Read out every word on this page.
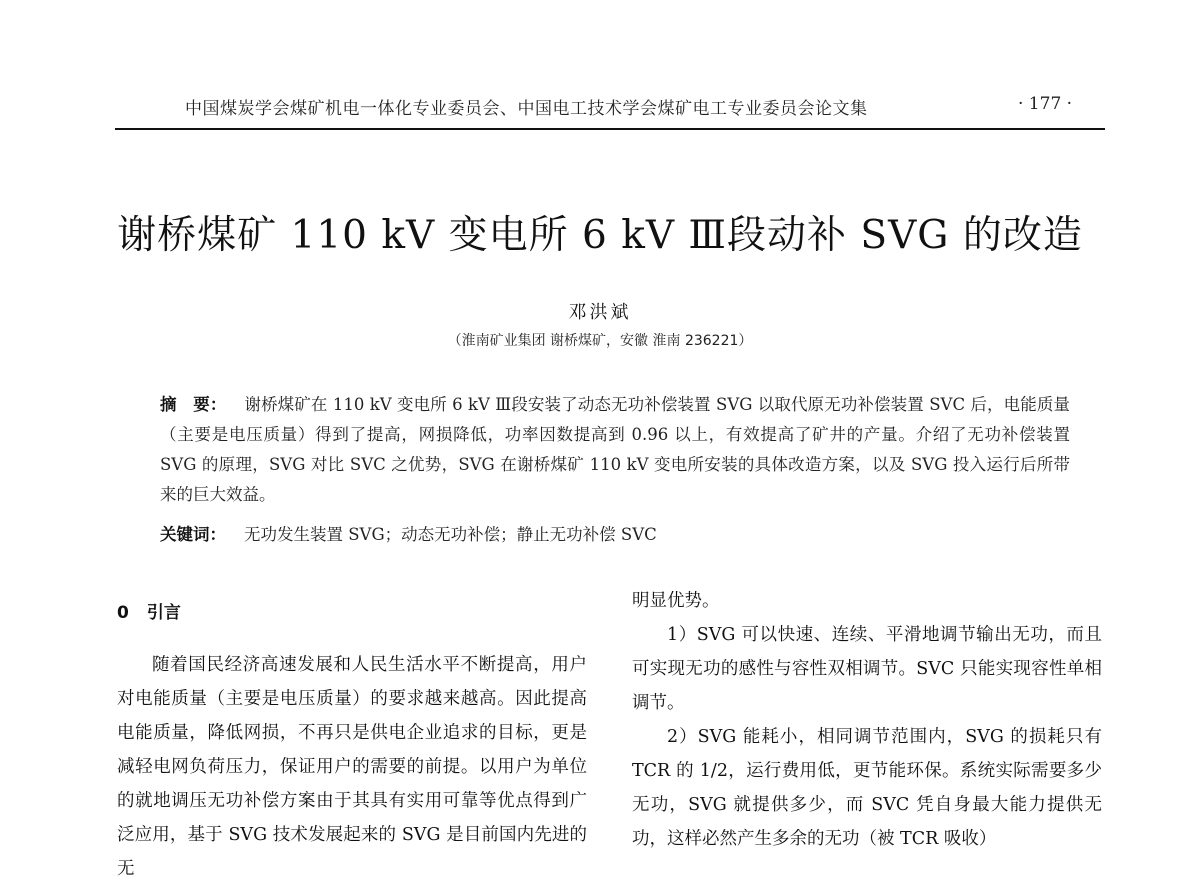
中国煤炭学会煤矿机电一体化专业委员会、中国电工技术学会煤矿电工专业委员会论文集	· 177 ·
谢桥煤矿 110 kV 变电所 6 kV Ⅲ段动补 SVG 的改造
邓洪斌
（淮南矿业集团 谢桥煤矿，安徽 淮南 236221）
摘　要： 谢桥煤矿在 110 kV 变电所 6 kV Ⅲ段安装了动态无功补偿装置 SVG 以取代原无功补偿装置 SVC 后，电能质量（主要是电压质量）得到了提高，网损降低，功率因数提高到 0.96 以上，有效提高了矿井的产量。介绍了无功补偿装置 SVG 的原理，SVG 对比 SVC 之优势，SVG 在谢桥煤矿 110 kV 变电所安装的具体改造方案，以及 SVG 投入运行后所带来的巨大效益。
关键词： 无功发生装置 SVG；动态无功补偿；静止无功补偿 SVC
0 引言

随着国民经济高速发展和人民生活水平不断提高，用户对电能质量（主要是电压质量）的要求越来越高。因此提高电能质量，降低网损，不再只是供电企业追求的目标，更是减轻电网负荷压力，保证用户的需要的前提。以用户为单位的就地调压无功补偿方案由于其具有实用可靠等优点得到广泛应用，基于 SVG 技术发展起来的 SVG 是目前国内先进的无

明显优势。

1）SVG 可以快速、连续、平滑地调节输出无功，而且可实现无功的感性与容性双相调节。SVC 只能实现容性单相调节。

2）SVG 能耗小，相同调节范围内，SVG 的损耗只有 TCR 的 1/2，运行费用低，更节能环保。系统实际需要多少无功，SVG 就提供多少，而 SVC 凭自身最大能力提供无功，这样必然产生多余的无功（被 TCR 吸收）
